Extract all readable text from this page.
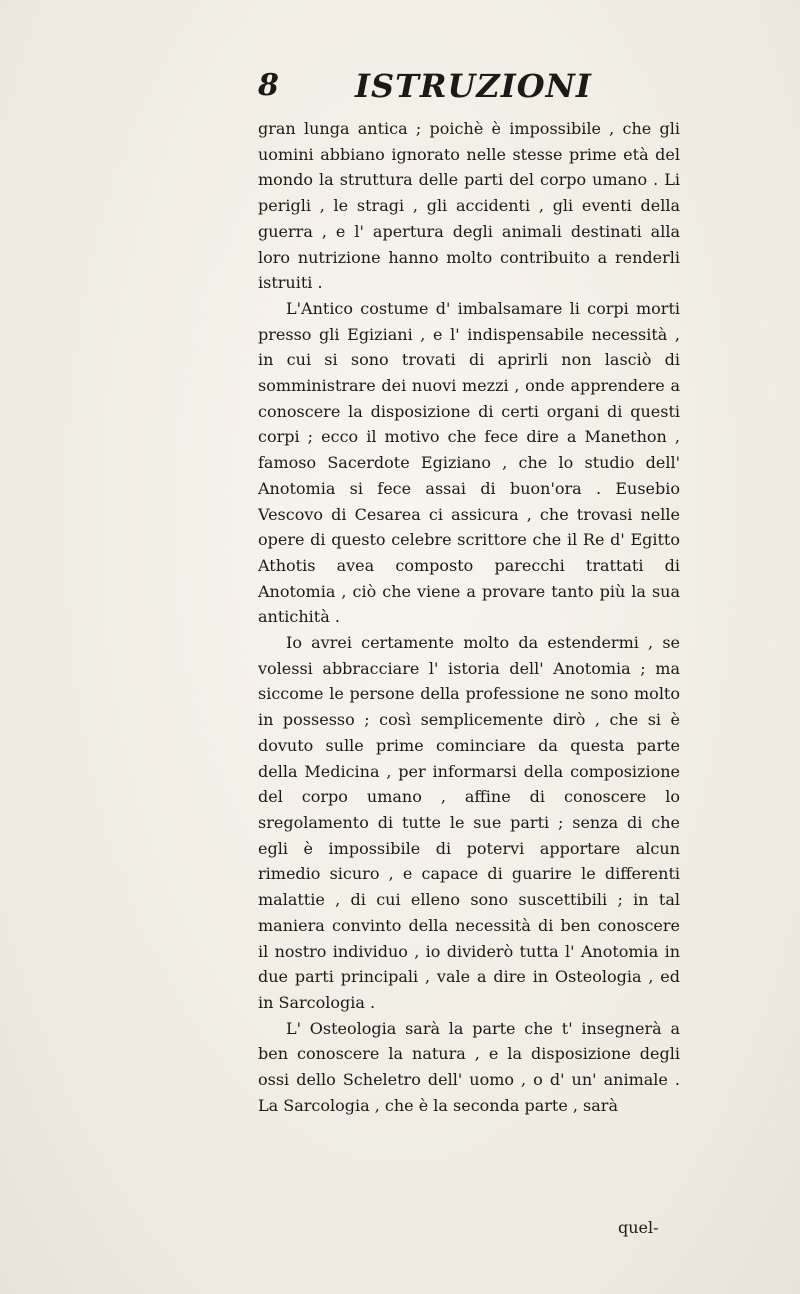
8 ISTRUZIONI

gran lunga antica ; poichè è impossibile , che gli uomini abbiano ignorato nelle stesse prime età del mondo la struttura delle parti del corpo umano . Li perigli , le stragi , gli accidenti , gli eventi della guerra , e l' apertura degli animali destinati alla loro nutrizione hanno molto contribuito a renderli istruiti .

L'Antico costume d' imbalsamare li corpi morti presso gli Egiziani , e l' indispensabile necessità , in cui si sono trovati di aprirli non lasciò di somministrare dei nuovi mezzi , onde apprendere a conoscere la disposizione di certi organi di questi corpi ; ecco il motivo che fece dire a Manethon , famoso Sacerdote Egiziano , che lo studio dell' Anotomia si fece assai di buon'ora . Eusebio Vescovo di Cesarea ci assicura , che trovasi nelle opere di questo celebre scrittore che il Re d' Egitto Athotis avea composto parecchi trattati di Anotomia , ciò che viene a provare tanto più la sua antichità .

Io avrei certamente molto da estendermi , se volessi abbracciare l' istoria dell' Anotomia ; ma siccome le persone della professione ne sono molto in possesso ; così semplicemente dirò , che si è dovuto sulle prime cominciare da questa parte della Medicina , per informarsi della composizione del corpo umano , affine di conoscere lo sregolamento di tutte le sue parti ; senza di che egli è impossibile di potervi apportare alcun rimedio sicuro , e capace di guarire le differenti malattie , di cui elleno sono suscettibili ; in tal maniera convinto della necessità di ben conoscere il nostro individuo , io dividerò tutta l' Anotomia in due parti principali , vale a dire in Osteologia , ed in Sarcologia .

L' Osteologia sarà la parte che t' insegnerà a ben conoscere la natura , e la disposizione degli ossi dello Scheletro dell' uomo , o d' un' animale . La Sarcologia , che è la seconda parte , sarà

quel-
